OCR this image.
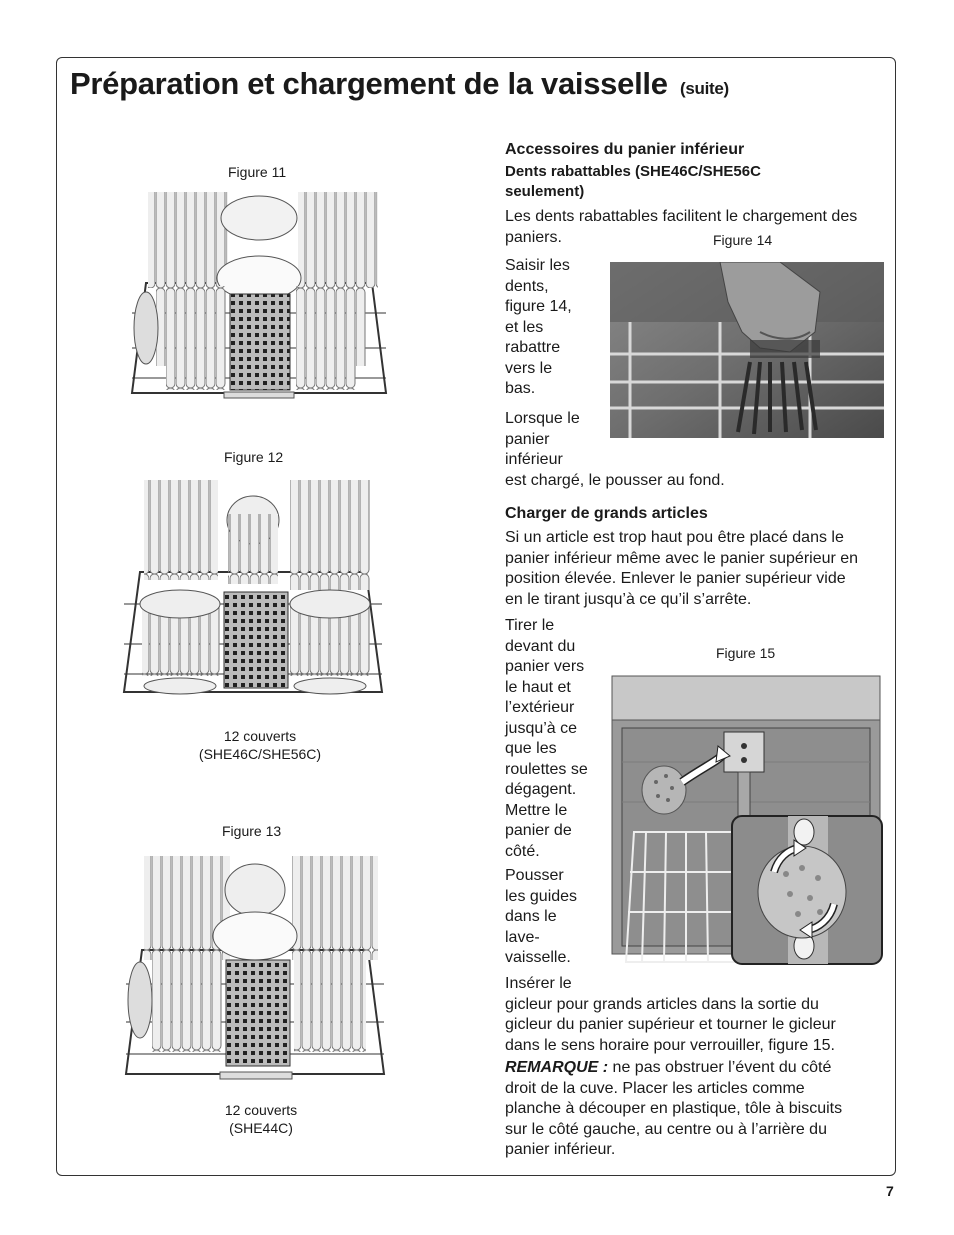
Préparation et chargement de la vaisselle (suite)
Figure 11
Figure 12
12 couverts
(SHE46C/SHE56C)
Figure 13
12 couverts
(SHE44C)
Accessoires du panier inférieur
Dents rabattables (SHE46C/SHE56C
seulement)
Les dents rabattables facilitent le chargement des
paniers.	Figure 14
Saisir les
dents,
figure 14,
et les
rabattre
vers le
bas.
Lorsque le
panier
inférieur
est chargé, le pousser au fond.
Charger de grands articles
Si un article est trop haut pou être placé dans le
panier inférieur même avec le panier supérieur en
position élevée. Enlever le panier supérieur vide
en le tirant jusqu’à ce qu’il s’arrête.
Tirer le
devant du
panier vers
le haut et
l’extérieur
jusqu’à ce
que les
roulettes se
dégagent.
Mettre le
panier de
côté.
Pousser
les guides
dans le
lave-
vaisselle.
Figure 15
Insérer le
gicleur pour grands articles dans la sortie du
gicleur du panier supérieur et tourner le gicleur
dans le sens horaire pour verrouiller, figure 15.
REMARQUE : ne pas obstruer l’évent du côté
droit de la cuve. Placer les articles comme
planche à découper en plastique, tôle à biscuits
sur le côté gauche, au centre ou à l’arrière du
panier inférieur.
7
